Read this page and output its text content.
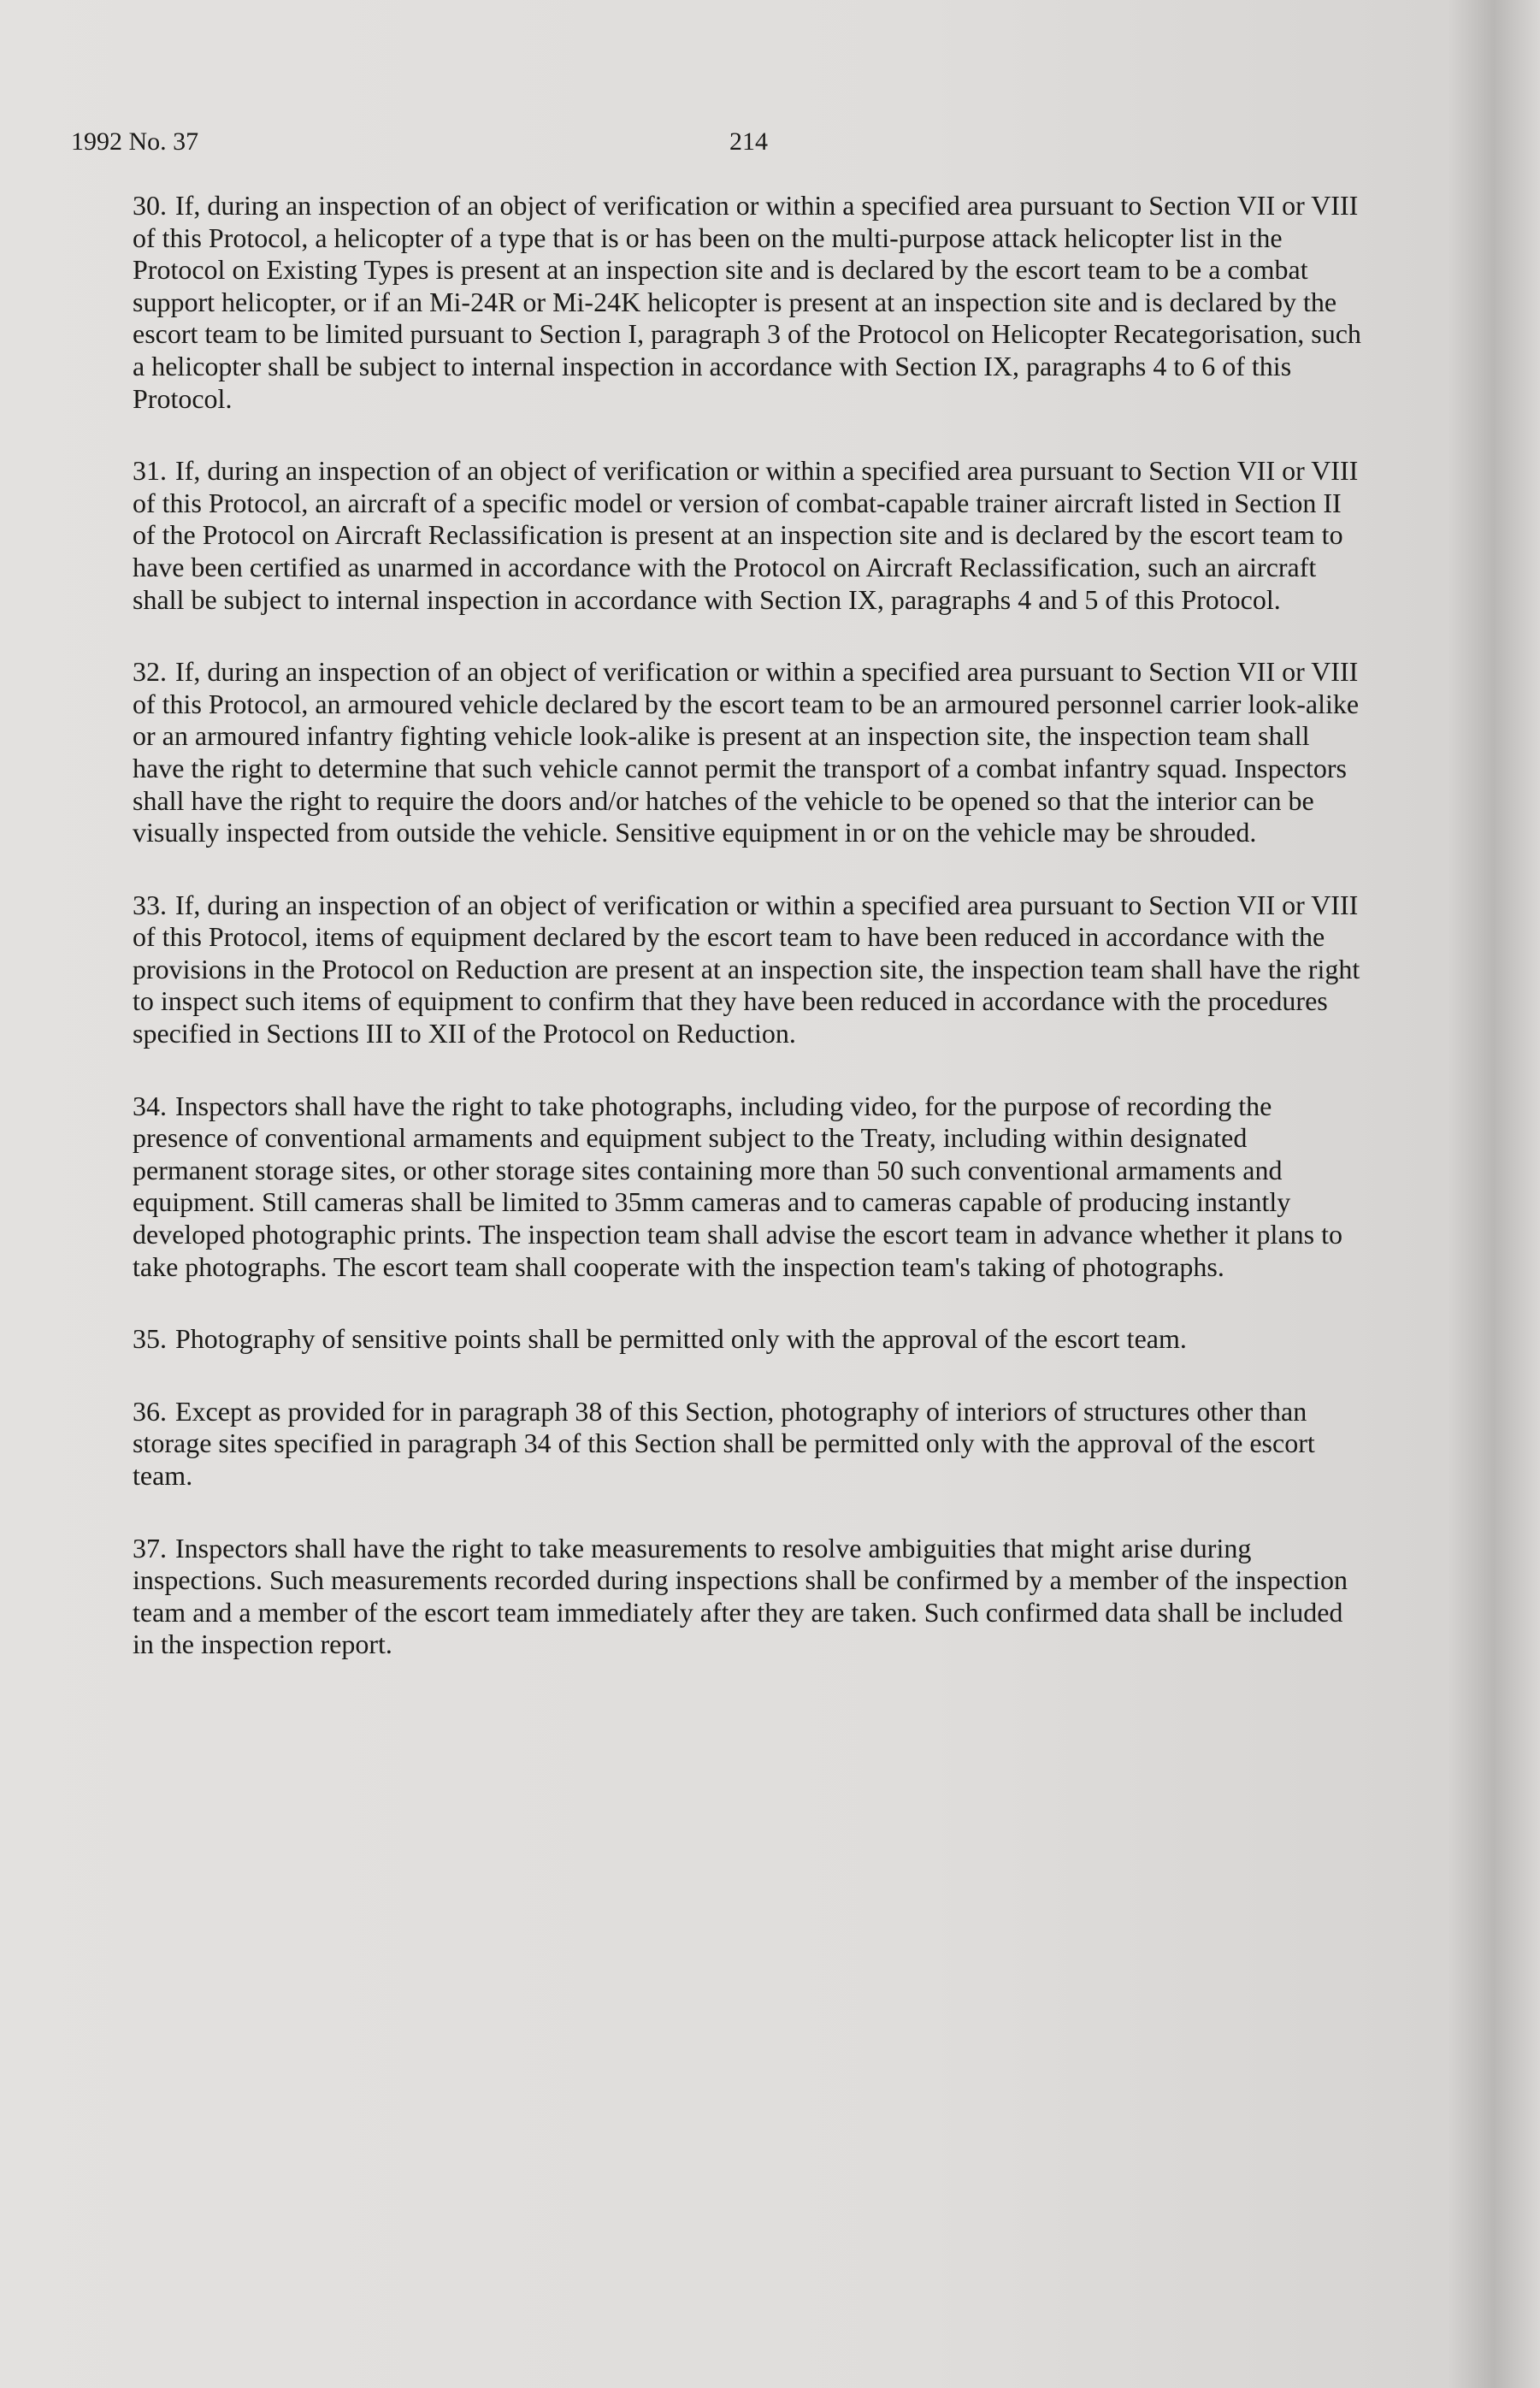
1992 No. 37	214

30. If, during an inspection of an object of verification or within a specified area pursuant to Section VII or VIII of this Protocol, a helicopter of a type that is or has been on the multi-purpose attack helicopter list in the Protocol on Existing Types is present at an inspection site and is declared by the escort team to be a combat support helicopter, or if an Mi-24R or Mi-24K helicopter is present at an inspection site and is declared by the escort team to be limited pursuant to Section I, paragraph 3 of the Protocol on Helicopter Recategorisation, such a helicopter shall be subject to internal inspection in accordance with Section IX, paragraphs 4 to 6 of this Protocol.

31. If, during an inspection of an object of verification or within a specified area pursuant to Section VII or VIII of this Protocol, an aircraft of a specific model or version of combat-capable trainer aircraft listed in Section II of the Protocol on Aircraft Reclassification is present at an inspection site and is declared by the escort team to have been certified as unarmed in accordance with the Protocol on Aircraft Reclassification, such an aircraft shall be subject to internal inspection in accordance with Section IX, paragraphs 4 and 5 of this Protocol.

32. If, during an inspection of an object of verification or within a specified area pursuant to Section VII or VIII of this Protocol, an armoured vehicle declared by the escort team to be an armoured personnel carrier look-alike or an armoured infantry fighting vehicle look-alike is present at an inspection site, the inspection team shall have the right to determine that such vehicle cannot permit the transport of a combat infantry squad. Inspectors shall have the right to require the doors and/or hatches of the vehicle to be opened so that the interior can be visually inspected from outside the vehicle. Sensitive equipment in or on the vehicle may be shrouded.

33. If, during an inspection of an object of verification or within a specified area pursuant to Section VII or VIII of this Protocol, items of equipment declared by the escort team to have been reduced in accordance with the provisions in the Protocol on Reduction are present at an inspection site, the inspection team shall have the right to inspect such items of equipment to confirm that they have been reduced in accordance with the procedures specified in Sections III to XII of the Protocol on Reduction.

34. Inspectors shall have the right to take photographs, including video, for the purpose of recording the presence of conventional armaments and equipment subject to the Treaty, including within designated permanent storage sites, or other storage sites containing more than 50 such conventional armaments and equipment. Still cameras shall be limited to 35mm cameras and to cameras capable of producing instantly developed photographic prints. The inspection team shall advise the escort team in advance whether it plans to take photographs. The escort team shall cooperate with the inspection team's taking of photographs.

35. Photography of sensitive points shall be permitted only with the approval of the escort team.

36. Except as provided for in paragraph 38 of this Section, photography of interiors of structures other than storage sites specified in paragraph 34 of this Section shall be permitted only with the approval of the escort team.

37. Inspectors shall have the right to take measurements to resolve ambiguities that might arise during inspections. Such measurements recorded during inspections shall be confirmed by a member of the inspection team and a member of the escort team immediately after they are taken. Such confirmed data shall be included in the inspection report.
